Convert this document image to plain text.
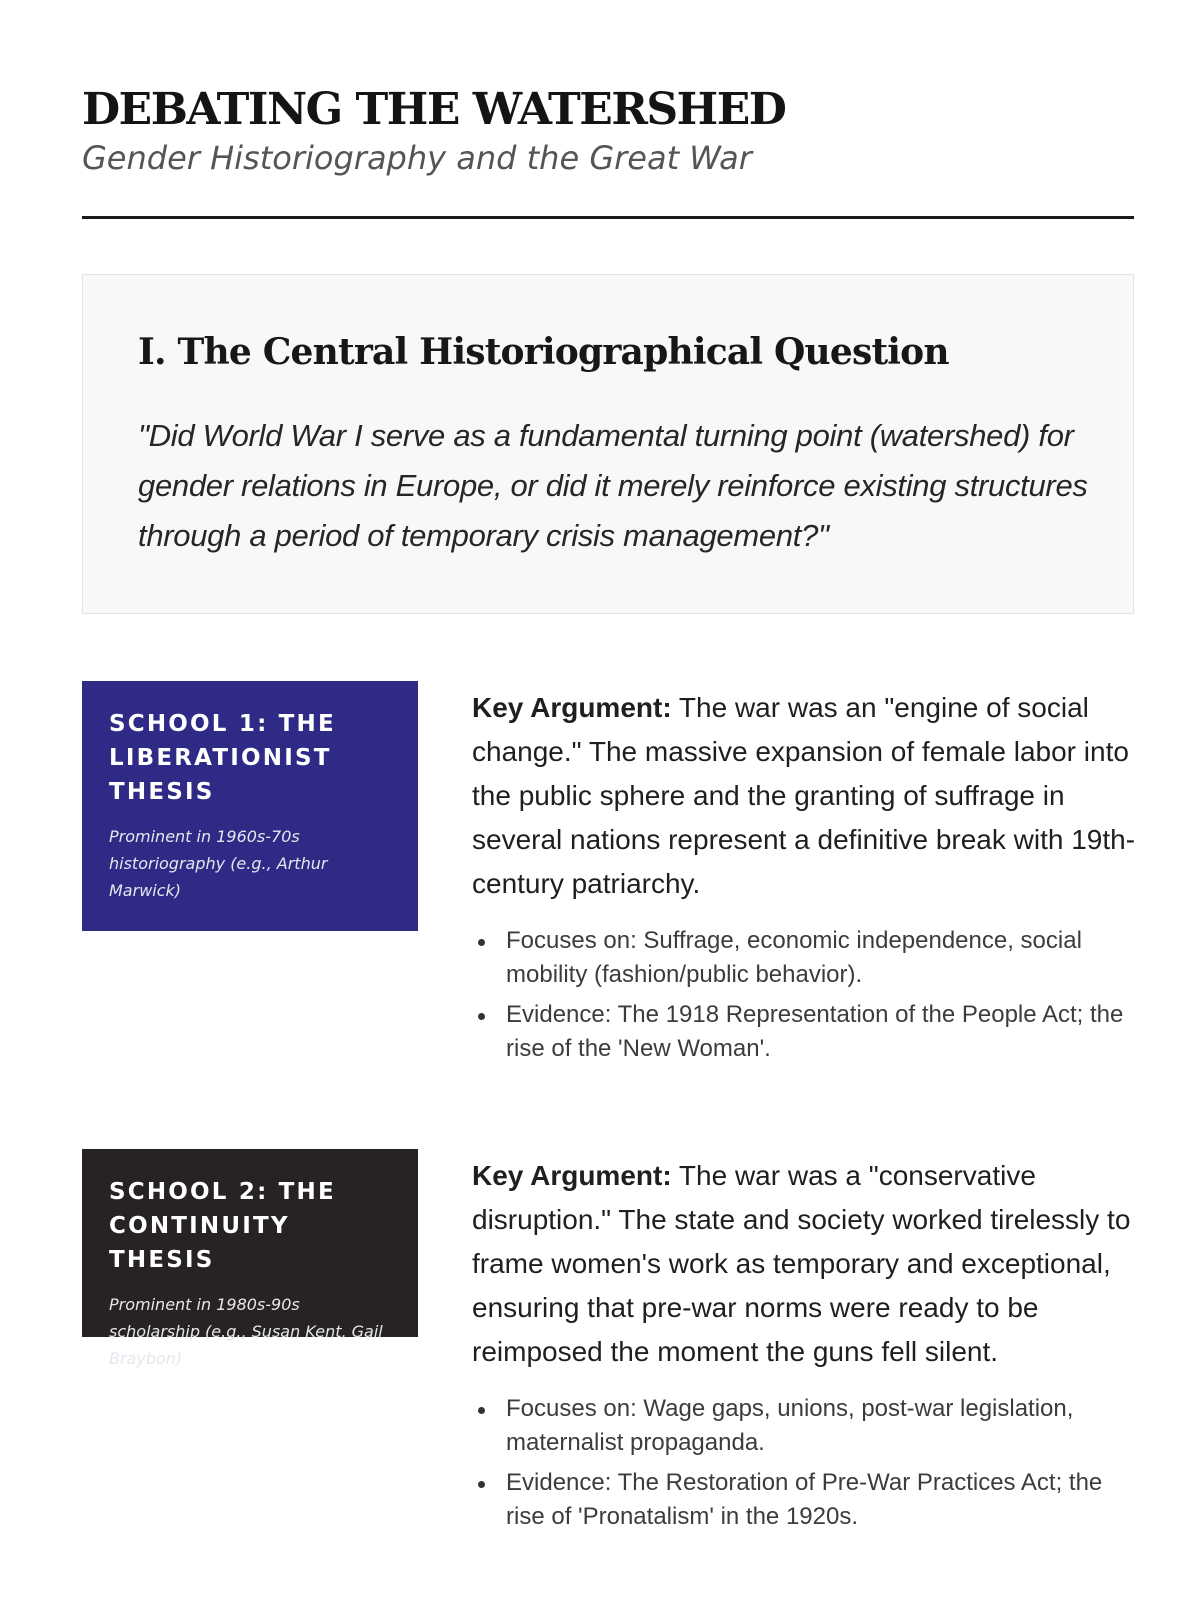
DEBATING THE WATERSHED
Gender Historiography and the Great War
I. The Central Historiographical Question

"Did World War I serve as a fundamental turning point (watershed) for gender relations in Europe, or did it merely reinforce existing structures through a period of temporary crisis management?"

SCHOOL 1: THE LIBERATIONIST THESIS

Prominent in 1960s-70s historiography (e.g., Arthur Marwick)

Key Argument: The war was an "engine of social change." The massive expansion of female labor into the public sphere and the granting of suffrage in several nations represent a definitive break with 19th-century patriarchy.

Focuses on: Suffrage, economic independence, social mobility (fashion/public behavior).
Evidence: The 1918 Representation of the People Act; the rise of the 'New Woman'.

SCHOOL 2: THE CONTINUITY THESIS

Prominent in 1980s-90s scholarship (e.g., Susan Kent, Gail Braybon)

Key Argument: The war was a "conservative disruption." The state and society worked tirelessly to frame women's work as temporary and exceptional, ensuring that pre-war norms were ready to be reimposed the moment the guns fell silent.

Focuses on: Wage gaps, unions, post-war legislation, maternalist propaganda.
Evidence: The Restoration of Pre-War Practices Act; the rise of 'Pronatalism' in the 1920s.
